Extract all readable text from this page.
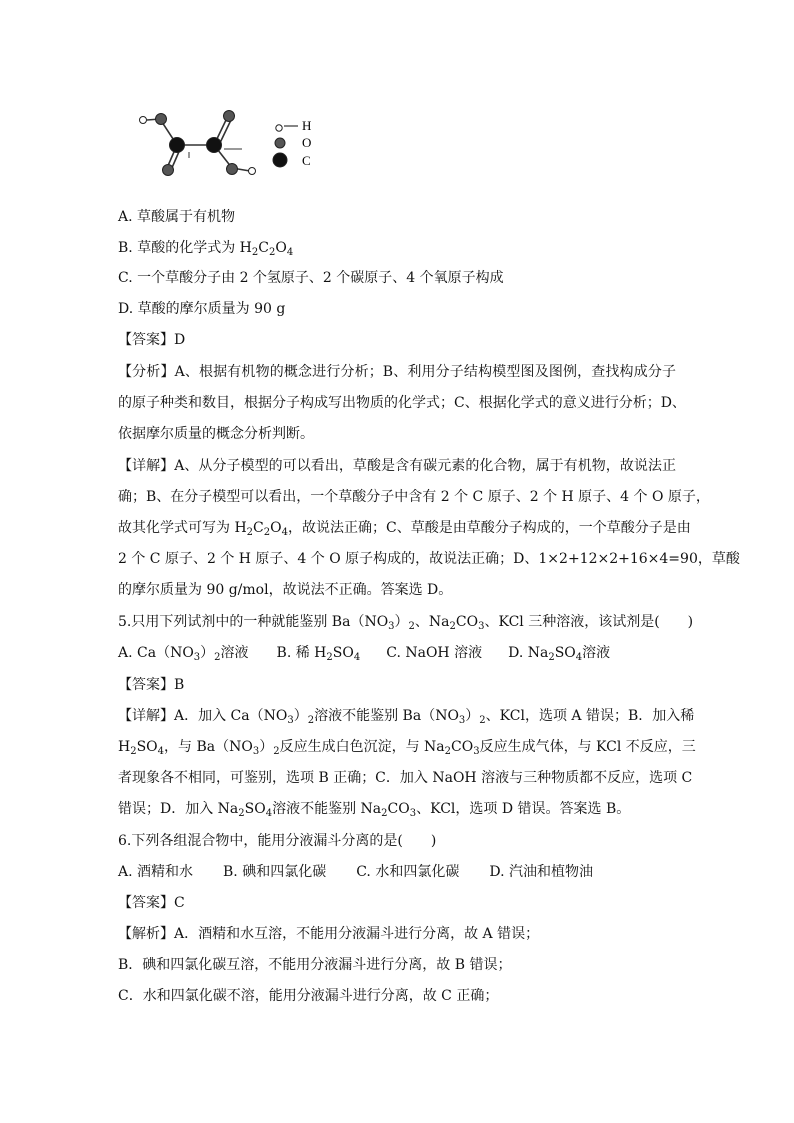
H
O
C
A. 草酸属于有机物
B. 草酸的化学式为 $H_2C_2O_4$
C. 一个草酸分子由 2 个氢原子、2 个碳原子、4 个氧原子构成
D. 草酸的摩尔质量为 90 g
【答案】D
【分析】A、根据有机物的概念进行分析；B、利用分子结构模型图及图例，查找构成分子
的原子种类和数目，根据分子构成写出物质的化学式；C、根据化学式的意义进行分析；D、
依据摩尔质量的概念分析判断。
【详解】A、从分子模型的可以看出，草酸是含有碳元素的化合物，属于有机物，故说法正
确；B、在分子模型可以看出，一个草酸分子中含有 2 个 C 原子、2 个 H 原子、4 个 O 原子，
故其化学式可写为 $H_2C_2O_4$，故说法正确；C、草酸是由草酸分子构成的，一个草酸分子是由
2 个 C 原子、2 个 H 原子、4 个 O 原子构成的，故说法正确；D、1×2+12×2+16×4=90，草酸
的摩尔质量为 90 g/mol，故说法不正确。答案选 D。
5.只用下列试剂中的一种就能鉴别 $Ba(NO_3)_2$、$Na_2CO_3$、KCl 三种溶液，该试剂是(　　)
A. $Ca(NO_3)_2$溶液 B. 稀 $H_2SO_4$ C. NaOH 溶液 D. $Na_2SO_4$溶液
【答案】B
【详解】A．加入 $Ca(NO_3)_2$溶液不能鉴别 $Ba(NO_3)_2$、KCl，选项 A 错误；B．加入稀
$H_2SO_4$，与 $Ba(NO_3)_2$反应生成白色沉淀，与 $Na_2CO_3$反应生成气体，与 KCl 不反应，三
者现象各不相同，可鉴别，选项 B 正确；C．加入 NaOH 溶液与三种物质都不反应，选项 C
错误；D．加入 $Na_2SO_4$溶液不能鉴别 $Na_2CO_3$、KCl，选项 D 错误。答案选 B。
6.下列各组混合物中，能用分液漏斗分离的是(　　)
A. 酒精和水 B. 碘和四氯化碳 C. 水和四氯化碳 D. 汽油和植物油
【答案】C
【解析】A．酒精和水互溶，不能用分液漏斗进行分离，故 A 错误；
B．碘和四氯化碳互溶，不能用分液漏斗进行分离，故 B 错误；
C．水和四氯化碳不溶，能用分液漏斗进行分离，故 C 正确；
